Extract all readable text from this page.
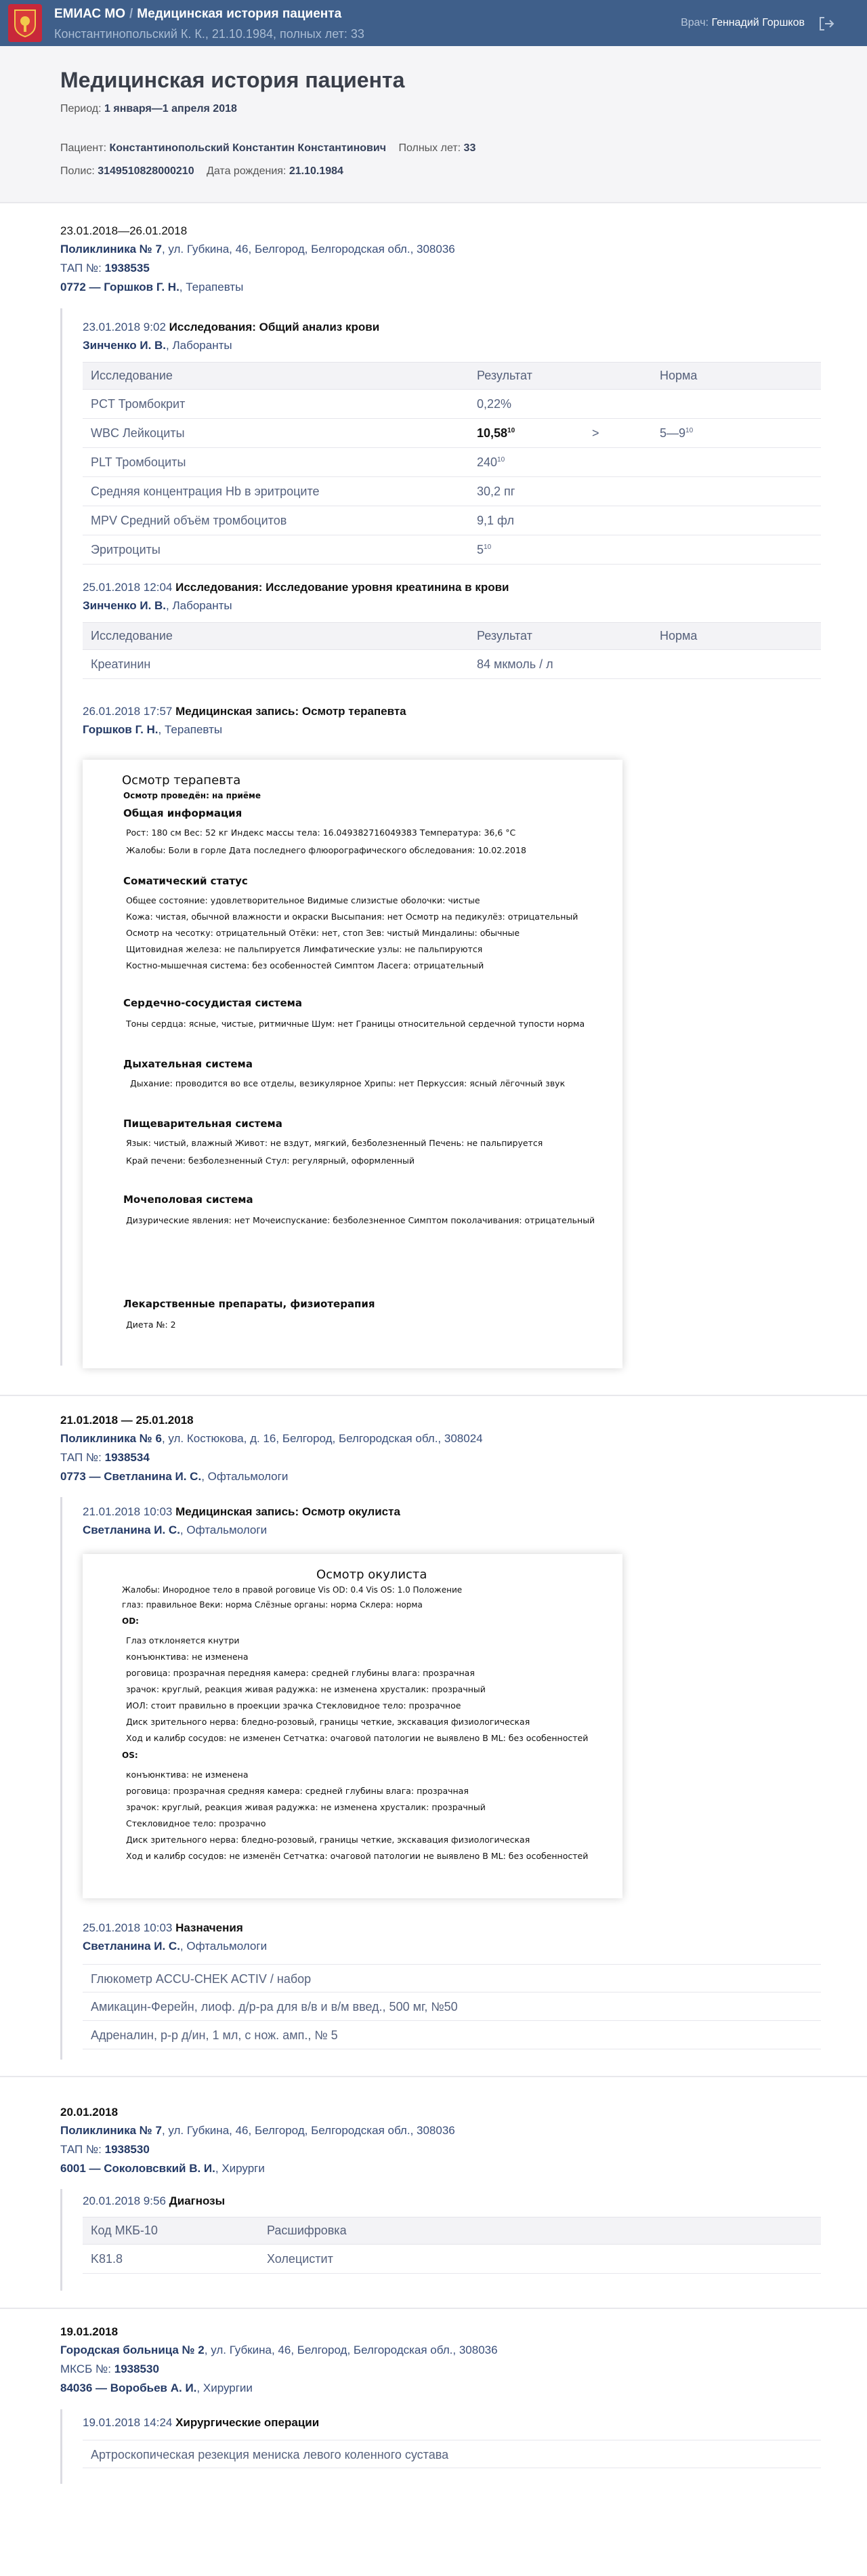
ЕМИАС МО / Медицинская история пациента
Константинопольский К. К., 21.10.1984, полных лет: 33
Врач: Геннадий Горшков
Медицинская история пациента
Период: 1 января—1 апреля 2018
Пациент: Константинопольский Константин Константинович Полных лет: 33
Полис: 3149510828000210 Дата рождения: 21.10.1984
23.01.2018—26.01.2018
Поликлиника № 7, ул. Губкина, 46, Белгород, Белгородская обл., 308036
ТАП №: 1938535
0772 — Горшков Г. Н., Терапевты
23.01.2018 9:02 Исследования: Общий анализ крови
Зинченко И. В., Лаборанты
Исследование	Результат		Норма
PCT Тромбокрит	0,22%		
WBC Лейкоциты	$10,58^{10}$	>	$5—9^{10}$
PLT Тромбоциты	$240^{10}$		
Средняя концентрация Hb в эритроците	30,2 пг		
MPV Средний объём тромбоцитов	9,1 фл		
Эритроциты	$5^{10}$		
25.01.2018 12:04 Исследования: Исследование уровня креатинина в крови
Зинченко И. В., Лаборанты
Исследование	Результат	Норма
Креатинин	84 мкмоль / л	
26.01.2018 17:57 Медицинская запись: Осмотр терапевта
Горшков Г. Н., Терапевты
Осмотр терапевта
Осмотр проведён: на приёме
Общая информация
Рост: 180 см Вес: 52 кг Индекс массы тела: 16.049382716049383 Температура: 36,6 °С
Жалобы: Боли в горле Дата последнего флюорографического обследования: 10.02.2018
Соматический статус
Общее состояние: удовлетворительное Видимые слизистые оболочки: чистые
Кожа: чистая, обычной влажности и окраски Высыпания: нет Осмотр на педикулёз: отрицательный
Осмотр на чесотку: отрицательный Отёки: нет, стоп Зев: чистый Миндалины: обычные
Щитовидная железа: не пальпируется Лимфатические узлы: не пальпируются
Костно-мышечная система: без особенностей Симптом Ласега: отрицательный
Сердечно-сосудистая система
Тоны сердца: ясные, чистые, ритмичные Шум: нет Границы относительной сердечной тупости норма
Дыхательная система
Дыхание: проводится во все отделы, везикулярное Хрипы: нет Перкуссия: ясный лёгочный звук
Пищеварительная система
Язык: чистый, влажный Живот: не вздут, мягкий, безболезненный Печень: не пальпируется
Край печени: безболезненный Стул: регулярный, оформленный
Мочеполовая система
Дизурические явления: нет Мочеиспускание: безболезненное Симптом поколачивания: отрицательный
Лекарственные препараты, физиотерапия
Диета №: 2
21.01.2018 — 25.01.2018
Поликлиника № 6, ул. Костюкова, д. 16, Белгород, Белгородская обл., 308024
ТАП №: 1938534
0773 — Светланина И. С., Офтальмологи
21.01.2018 10:03 Медицинская запись: Осмотр окулиста
Светланина И. С., Офтальмологи
Осмотр окулиста
Жалобы: Инородное тело в правой роговице Vis OD: 0.4 Vis OS: 1.0 Положение
глаз: правильное Веки: норма Слёзные органы: норма Склера: норма
OD:
Глаз отклоняется кнутри
конъюнктива: не изменена
роговица: прозрачная передняя камера: средней глубины влага: прозрачная
зрачок: круглый, реакция живая радужка: не изменена хрусталик: прозрачный
ИОЛ: стоит правильно в проекции зрачка Стекловидное тело: прозрачное
Диск зрительного нерва: бледно-розовый, границы четкие, экскавация физиологическая
Ход и калибр сосудов: не изменен Сетчатка: очаговой патологии не выявлено В ML: без особенностей
OS:
конъюнктива: не изменена
роговица: прозрачная средняя камера: средней глубины влага: прозрачная
зрачок: круглый, реакция живая радужка: не изменена хрусталик: прозрачный
Стекловидное тело: прозрачно
Диск зрительного нерва: бледно-розовый, границы четкие, экскавация физиологическая
Ход и калибр сосудов: не изменён Сетчатка: очаговой патологии не выявлено В ML: без особенностей
25.01.2018 10:03 Назначения
Светланина И. С., Офтальмологи
Глюкометр ACCU-CHEK ACTIV / набор
Амикацин-Ферейн, лиоф. д/р-ра для в/в и в/м введ., 500 мг, №50
Адреналин, р-р д/ин, 1 мл, с нож. амп., № 5
20.01.2018
Поликлиника № 7, ул. Губкина, 46, Белгород, Белгородская обл., 308036
ТАП №: 1938530
6001 — Соколовсвкий В. И., Хирурги
20.01.2018 9:56 Диагнозы
Код МКБ-10	Расшифровка
K81.8	Холецистит
19.01.2018
Городская больница № 2, ул. Губкина, 46, Белгород, Белгородская обл., 308036
МКСБ №: 1938530
84036 — Воробьев А. И., Хирургии
19.01.2018 14:24 Хирургические операции
Артроскопическая резекция мениска левого коленного сустава
